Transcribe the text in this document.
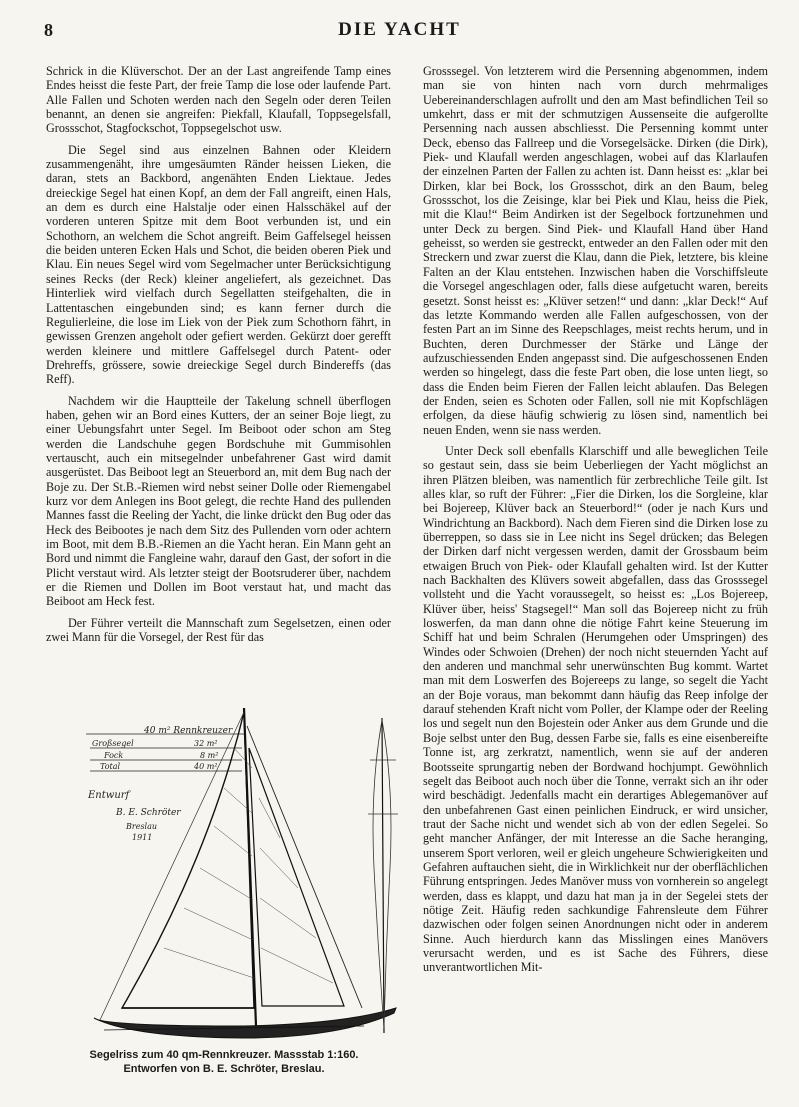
8	DIE YACHT

Schrick in die Klüverschot. Der an der Last angreifende Tamp eines Endes heisst die feste Part, der freie Tamp die lose oder laufende Part. Alle Fallen und Schoten werden nach den Segeln oder deren Teilen benannt, an denen sie angreifen: Piekfall, Klaufall, Toppsegelsfall, Grossschot, Stagfockschot, Toppsegelschot usw.

Die Segel sind aus einzelnen Bahnen oder Kleidern zusammengenäht, ihre umgesäumten Ränder heissen Lieken, die daran, stets an Backbord, angenähten Enden Liektaue. Jedes dreieckige Segel hat einen Kopf, an dem der Fall angreift, einen Hals, an dem es durch eine Halstalje oder einen Halsschäkel auf der vorderen unteren Spitze mit dem Boot verbunden ist, und ein Schothorn, an welchem die Schot angreift. Beim Gaffelsegel heissen die beiden unteren Ecken Hals und Schot, die beiden oberen Piek und Klau. Ein neues Segel wird vom Segelmacher unter Berücksichtigung seines Recks (der Reck) kleiner angeliefert, als gezeichnet. Das Hinterliek wird vielfach durch Segellatten steifgehalten, die in Lattentaschen eingebunden sind; es kann ferner durch die Regulierleine, die lose im Liek von der Piek zum Schothorn fährt, in gewissen Grenzen angeholt oder gefiert werden. Gekürzt doer gerefft werden kleinere und mittlere Gaffelsegel durch Patent- oder Drehreffs, grössere, sowie dreieckige Segel durch Bindereffs (das Reff).

Nachdem wir die Hauptteile der Takelung schnell überflogen haben, gehen wir an Bord eines Kutters, der an seiner Boje liegt, zu einer Uebungsfahrt unter Segel. Im Beiboot oder schon am Steg werden die Landschuhe gegen Bordschuhe mit Gummisohlen vertauscht, auch ein mitsegelnder unbefahrener Gast wird damit ausgerüstet. Das Beiboot legt an Steuerbord an, mit dem Bug nach der Boje zu. Der St.B.-Riemen wird nebst seiner Dolle oder Riemengabel kurz vor dem Anlegen ins Boot gelegt, die rechte Hand des pullenden Mannes fasst die Reeling der Yacht, die linke drückt den Bug oder das Heck des Beibootes je nach dem Sitz des Pullenden vorn oder achtern im Boot, mit dem B.B.-Riemen an die Yacht heran. Ein Mann geht an Bord und nimmt die Fangleine wahr, darauf den Gast, der sofort in die Plicht verstaut wird. Als letzter steigt der Bootsruderer über, nachdem er die Riemen und Dollen im Boot verstaut hat, und macht das Beiboot am Heck fest.

Der Führer verteilt die Mannschaft zum Segelsetzen, einen oder zwei Mann für die Vorsegel, der Rest für das

Grosssegel. Von letzterem wird die Persenning abgenommen, indem man sie von hinten nach vorn durch mehrmaliges Uebereinanderschlagen aufrollt und den am Mast befindlichen Teil so umkehrt, dass er mit der schmutzigen Aussenseite die aufgerollte Persenning nach aussen abschliesst. Die Persenning kommt unter Deck, ebenso das Fallreep und die Vorsegelsäcke. Dirken (die Dirk), Piek- und Klaufall werden angeschlagen, wobei auf das Klarlaufen der einzelnen Parten der Fallen zu achten ist. Dann heisst es: „klar bei Dirken, klar bei Bock, los Grossschot, dirk an den Baum, beleg Grossschot, los die Zeisinge, klar bei Piek und Klau, heiss die Piek, mit die Klau!“ Beim Andirken ist der Segelbock fortzunehmen und unter Deck zu bergen. Sind Piek- und Klaufall Hand über Hand geheisst, so werden sie gestreckt, entweder an den Fallen oder mit den Streckern und zwar zuerst die Klau, dann die Piek, letztere, bis kleine Falten an der Klau entstehen. Inzwischen haben die Vorschiffsleute die Vorsegel angeschlagen oder, falls diese aufgetucht waren, bereits gesetzt. Sonst heisst es: „Klüver setzen!“ und dann: „klar Deck!“ Auf das letzte Kommando werden alle Fallen aufgeschossen, von der festen Part an im Sinne des Reepschlages, meist rechts herum, und in Buchten, deren Durchmesser der Stärke und Länge der aufzuschiessenden Enden angepasst sind. Die aufgeschossenen Enden werden so hingelegt, dass die feste Part oben, die lose unten liegt, so dass die Enden beim Fieren der Fallen leicht ablaufen. Das Belegen der Enden, seien es Schoten oder Fallen, soll nie mit Kopfschlägen erfolgen, da diese häufig schwierig zu lösen sind, namentlich bei neuen Enden, wenn sie nass werden.

Unter Deck soll ebenfalls Klarschiff und alle beweglichen Teile so gestaut sein, dass sie beim Ueberliegen der Yacht möglichst an ihren Plätzen bleiben, was namentlich für zerbrechliche Teile gilt. Ist alles klar, so ruft der Führer: „Fier die Dirken, los die Sorgleine, klar bei Bojereep, Klüver back an Steuerbord!“ (oder je nach Kurs und Windrichtung an Backbord). Nach dem Fieren sind die Dirken lose zu überreppen, so dass sie in Lee nicht ins Segel drücken; das Belegen der Dirken darf nicht vergessen werden, damit der Grossbaum beim etwaigen Bruch von Piek- oder Klaufall gehalten wird. Ist der Kutter nach Backhalten des Klüvers soweit abgefallen, dass das Grosssegel vollsteht und die Yacht voraussegelt, so heisst es: „Los Bojereep, Klüver über, heiss' Stagsegel!“ Man soll das Bojereep nicht zu früh loswerfen, da man dann ohne die nötige Fahrt keine Steuerung im Schiff hat und beim Schralen (Herumgehen oder Umspringen) des Windes oder Schwoien (Drehen) der noch nicht steuernden Yacht auf den anderen und manchmal sehr unerwünschten Bug kommt. Wartet man mit dem Loswerfen des Bojereeps zu lange, so segelt die Yacht an der Boje voraus, man bekommt dann häufig das Reep infolge der darauf stehenden Kraft nicht vom Poller, der Klampe oder der Reeling los und segelt nun den Bojestein oder Anker aus dem Grunde und die Boje selbst unter den Bug, dessen Farbe sie, falls es eine eisenbereifte Tonne ist, arg zerkratzt, namentlich, wenn sie auf der anderen Bootsseite sprungartig neben der Bordwand hochjumpt. Gewöhnlich segelt das Beiboot auch noch über die Tonne, verrakt sich an ihr oder wird beschädigt. Jedenfalls macht ein derartiges Ablegemanöver auf den unbefahrenen Gast einen peinlichen Eindruck, er wird unsicher, traut der Sache nicht und wendet sich ab von der edlen Segelei. So geht mancher Anfänger, der mit Interesse an die Sache heranging, unserem Sport verloren, weil er gleich ungeheure Schwierigkeiten und Gefahren auftauchen sieht, die in Wirklichkeit nur der oberflächlichen Führung entspringen. Jedes Manöver muss von vornherein so angelegt werden, dass es klappt, und dazu hat man ja in der Segelei stets der nötige Zeit. Häufig reden sachkundige Fahrensleute dem Führer dazwischen oder folgen seinen Anordnungen nicht oder in anderem Sinne. Auch hierdurch kann das Misslingen eines Manövers verursacht werden, und es ist Sache des Führers, diese unverantwortlichen Mit-

40 m² Rennkreuzer
Großsegel	32 m²
Fock	8 m²
Total	40 m²
Entwurf
B. E. Schröter
Breslau
1911
Segelriss zum 40 qm-Rennkreuzer. Massstab 1:160.
Entworfen von B. E. Schröter, Breslau.
